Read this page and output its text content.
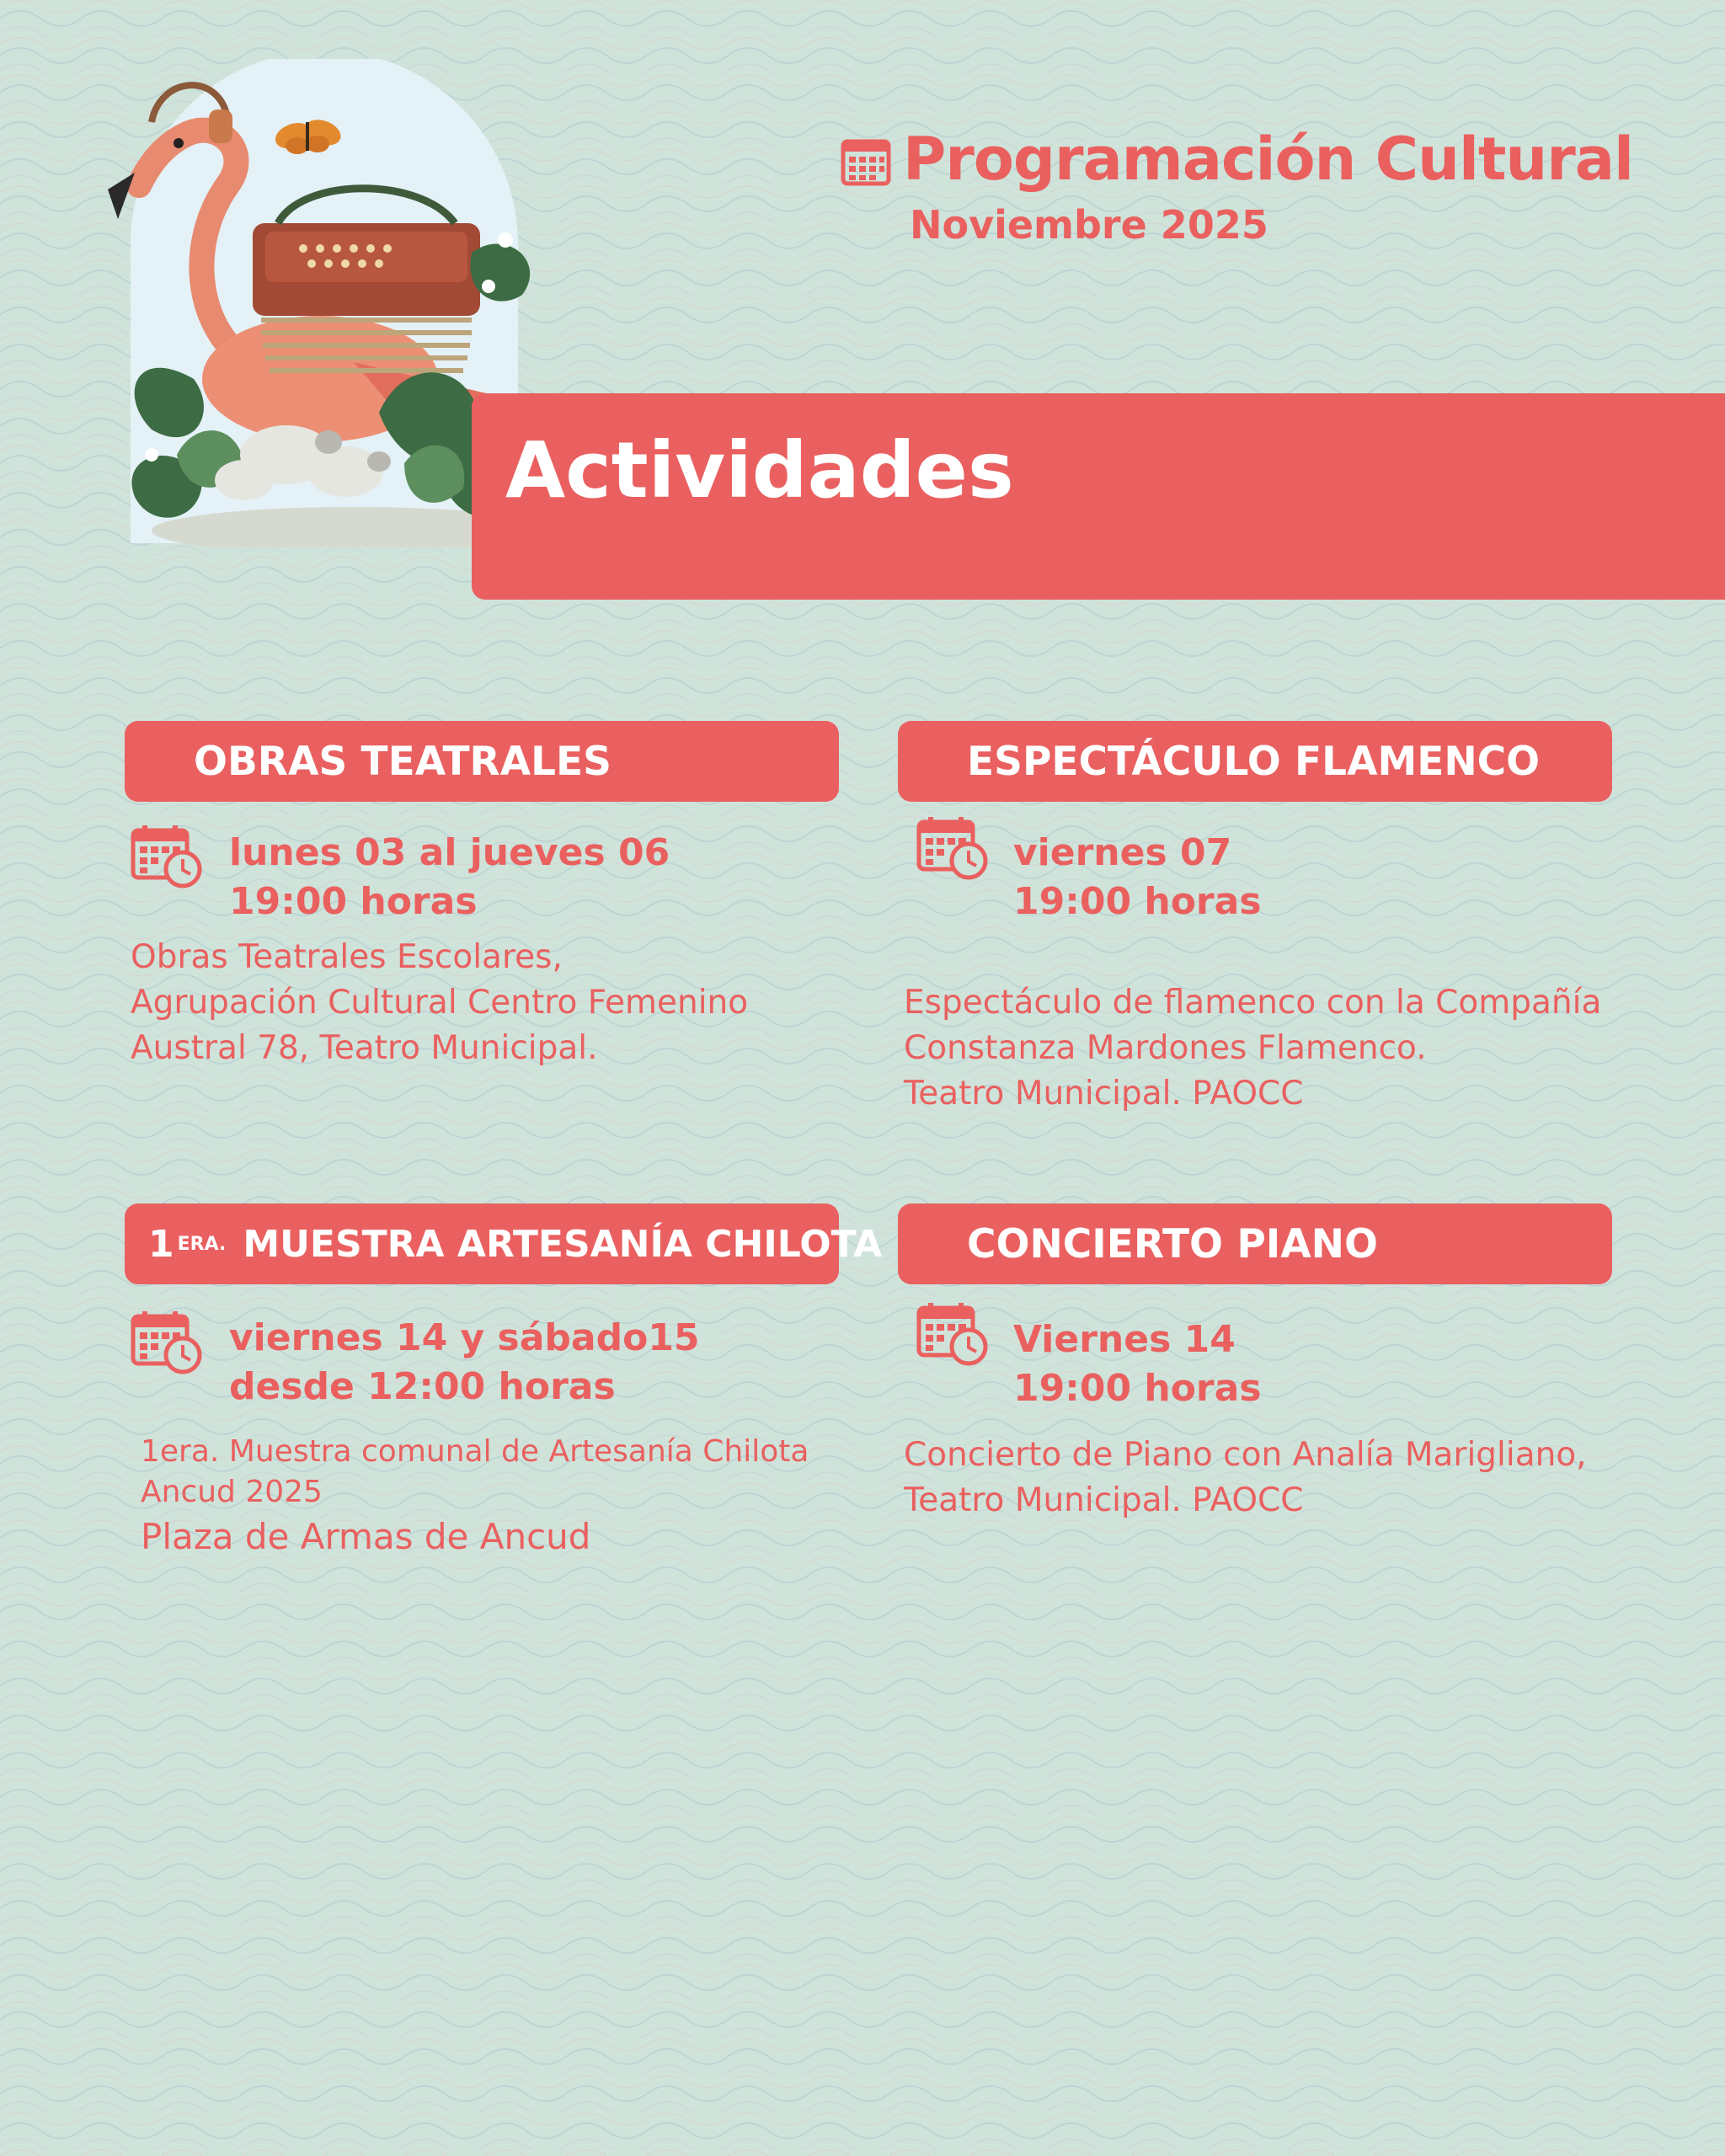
Programación Cultural
Noviembre 2025
Actividades
OBRAS TEATRALES
lunes 03 al jueves 06
19:00 horas
Obras Teatrales Escolares,
Agrupación Cultural Centro Femenino
Austral 78, Teatro Municipal.
ESPECTÁCULO FLAMENCO
viernes 07
19:00 horas
Espectáculo de flamenco con la Compañía
Constanza Mardones Flamenco.
Teatro Municipal. PAOCC
1 ERA. MUESTRA ARTESANÍA CHILOTA
viernes 14 y sábado15
desde 12:00 horas
1era. Muestra comunal de Artesanía Chilota
Ancud 2025
Plaza de Armas de Ancud
CONCIERTO PIANO
Viernes 14
19:00 horas
Concierto de Piano con Analía Marigliano,
Teatro Municipal. PAOCC
